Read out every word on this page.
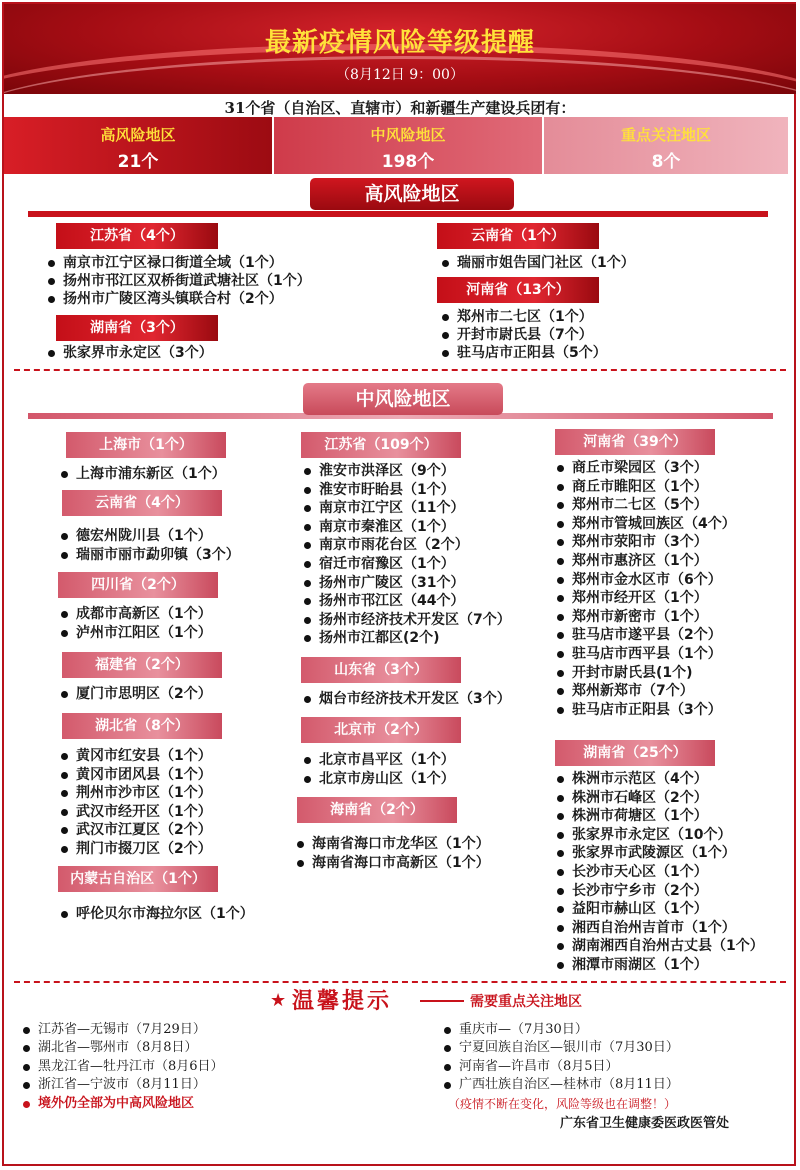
最新疫情风险等级提醒
（8月12日 9：00）
31个省（自治区、直辖市）和新疆生产建设兵团有：
高风险地区
21个
中风险地区
198个
重点关注地区
8个
高风险地区
江苏省（4个）
南京市江宁区禄口街道全域（1个）
扬州市邗江区双桥街道武塘社区（1个）
扬州市广陵区湾头镇联合村（2个）
湖南省（3个）
张家界市永定区（3个）
云南省（1个）
瑞丽市姐告国门社区（1个）
河南省（13个）
郑州市二七区（1个）
开封市尉氏县（7个）
驻马店市正阳县（5个）
中风险地区
上海市（1个）
上海市浦东新区（1个）
云南省（4个）
德宏州陇川县（1个）
瑞丽市丽市勐卯镇（3个）
四川省（2个）
成都市高新区（1个）
泸州市江阳区（1个）
福建省（2个）
厦门市思明区（2个）
湖北省（8个）
黄冈市红安县（1个）
黄冈市团风县（1个）
荆州市沙市区（1个）
武汉市经开区（1个）
武汉市江夏区（2个）
荆门市掇刀区（2个）
内蒙古自治区（1个）
呼伦贝尔市海拉尔区（1个）
江苏省（109个）
淮安市洪泽区（9个）
淮安市盱眙县（1个）
南京市江宁区（11个）
南京市秦淮区（1个）
南京市雨花台区（2个）
宿迁市宿豫区（1个）
扬州市广陵区（31个）
扬州市邗江区（44个）
扬州市经济技术开发区（7个）
扬州市江都区(2个)
山东省（3个）
烟台市经济技术开发区（3个）
北京市（2个）
北京市昌平区（1个）
北京市房山区（1个）
海南省（2个）
海南省海口市龙华区（1个）
海南省海口市高新区（1个）
河南省（39个）
商丘市梁园区（3个）
商丘市睢阳区（1个）
郑州市二七区（5个）
郑州市管城回族区（4个）
郑州市荥阳市（3个）
郑州市惠济区（1个）
郑州市金水区市（6个）
郑州市经开区（1个）
郑州市新密市（1个）
驻马店市遂平县（2个）
驻马店市西平县（1个）
开封市尉氏县(1个)
郑州新郑市（7个）
驻马店市正阳县（3个）
湖南省（25个）
株洲市示范区（4个）
株洲市石峰区（2个）
株洲市荷塘区（1个）
张家界市永定区（10个）
张家界市武陵源区（1个）
长沙市天心区（1个）
长沙市宁乡市（2个）
益阳市赫山区（1个）
湘西自治州吉首市（1个）
湖南湘西自治州古丈县（1个）
湘潭市雨湖区（1个）
★ 温馨提示	需要重点关注地区
江苏省—无锡市（7月29日）
湖北省—鄂州市（8月8日）
黑龙江省—牡丹江市（8月6日）
浙江省—宁波市（8月11日）
境外仍全部为中高风险地区
重庆市—（7月30日）
宁夏回族自治区—银川市（7月30日）
河南省—许昌市（8月5日）
广西壮族自治区—桂林市（8月11日）
（疫情不断在变化，风险等级也在调整！）
广东省卫生健康委医政医管处
